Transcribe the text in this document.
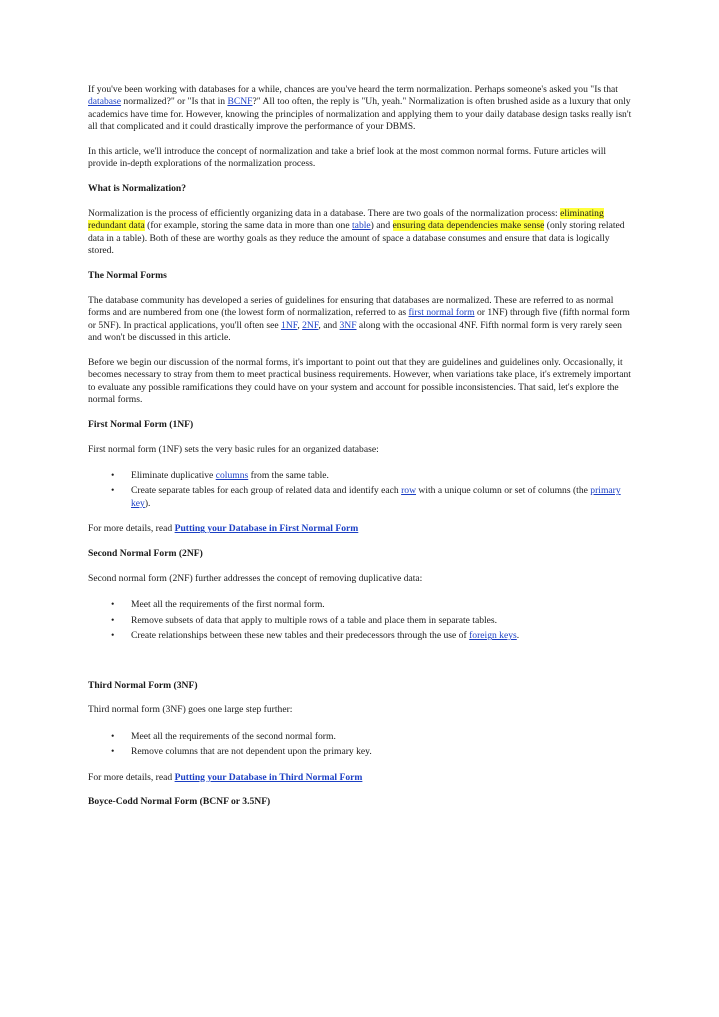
If you've been working with databases for a while, chances are you've heard the term normalization. Perhaps someone's asked you "Is that database normalized?" or "Is that in BCNF?" All too often, the reply is "Uh, yeah." Normalization is often brushed aside as a luxury that only academics have time for. However, knowing the principles of normalization and applying them to your daily database design tasks really isn't all that complicated and it could drastically improve the performance of your DBMS.

In this article, we'll introduce the concept of normalization and take a brief look at the most common normal forms. Future articles will provide in-depth explorations of the normalization process.

What is Normalization?

Normalization is the process of efficiently organizing data in a database. There are two goals of the normalization process: eliminating redundant data (for example, storing the same data in more than one table) and ensuring data dependencies make sense (only storing related data in a table). Both of these are worthy goals as they reduce the amount of space a database consumes and ensure that data is logically stored.

The Normal Forms

The database community has developed a series of guidelines for ensuring that databases are normalized. These are referred to as normal forms and are numbered from one (the lowest form of normalization, referred to as first normal form or 1NF) through five (fifth normal form or 5NF). In practical applications, you'll often see 1NF, 2NF, and 3NF along with the occasional 4NF. Fifth normal form is very rarely seen and won't be discussed in this article.

Before we begin our discussion of the normal forms, it's important to point out that they are guidelines and guidelines only. Occasionally, it becomes necessary to stray from them to meet practical business requirements. However, when variations take place, it's extremely important to evaluate any possible ramifications they could have on your system and account for possible inconsistencies. That said, let's explore the normal forms.

First Normal Form (1NF)

First normal form (1NF) sets the very basic rules for an organized database:

• Eliminate duplicative columns from the same table.
• Create separate tables for each group of related data and identify each row with a unique column or set of columns (the primary key).

For more details, read Putting your Database in First Normal Form

Second Normal Form (2NF)

Second normal form (2NF) further addresses the concept of removing duplicative data:

• Meet all the requirements of the first normal form.
• Remove subsets of data that apply to multiple rows of a table and place them in separate tables.
• Create relationships between these new tables and their predecessors through the use of foreign keys.

Third Normal Form (3NF)

Third normal form (3NF) goes one large step further:

• Meet all the requirements of the second normal form.
• Remove columns that are not dependent upon the primary key.

For more details, read Putting your Database in Third Normal Form

Boyce-Codd Normal Form (BCNF or 3.5NF)
